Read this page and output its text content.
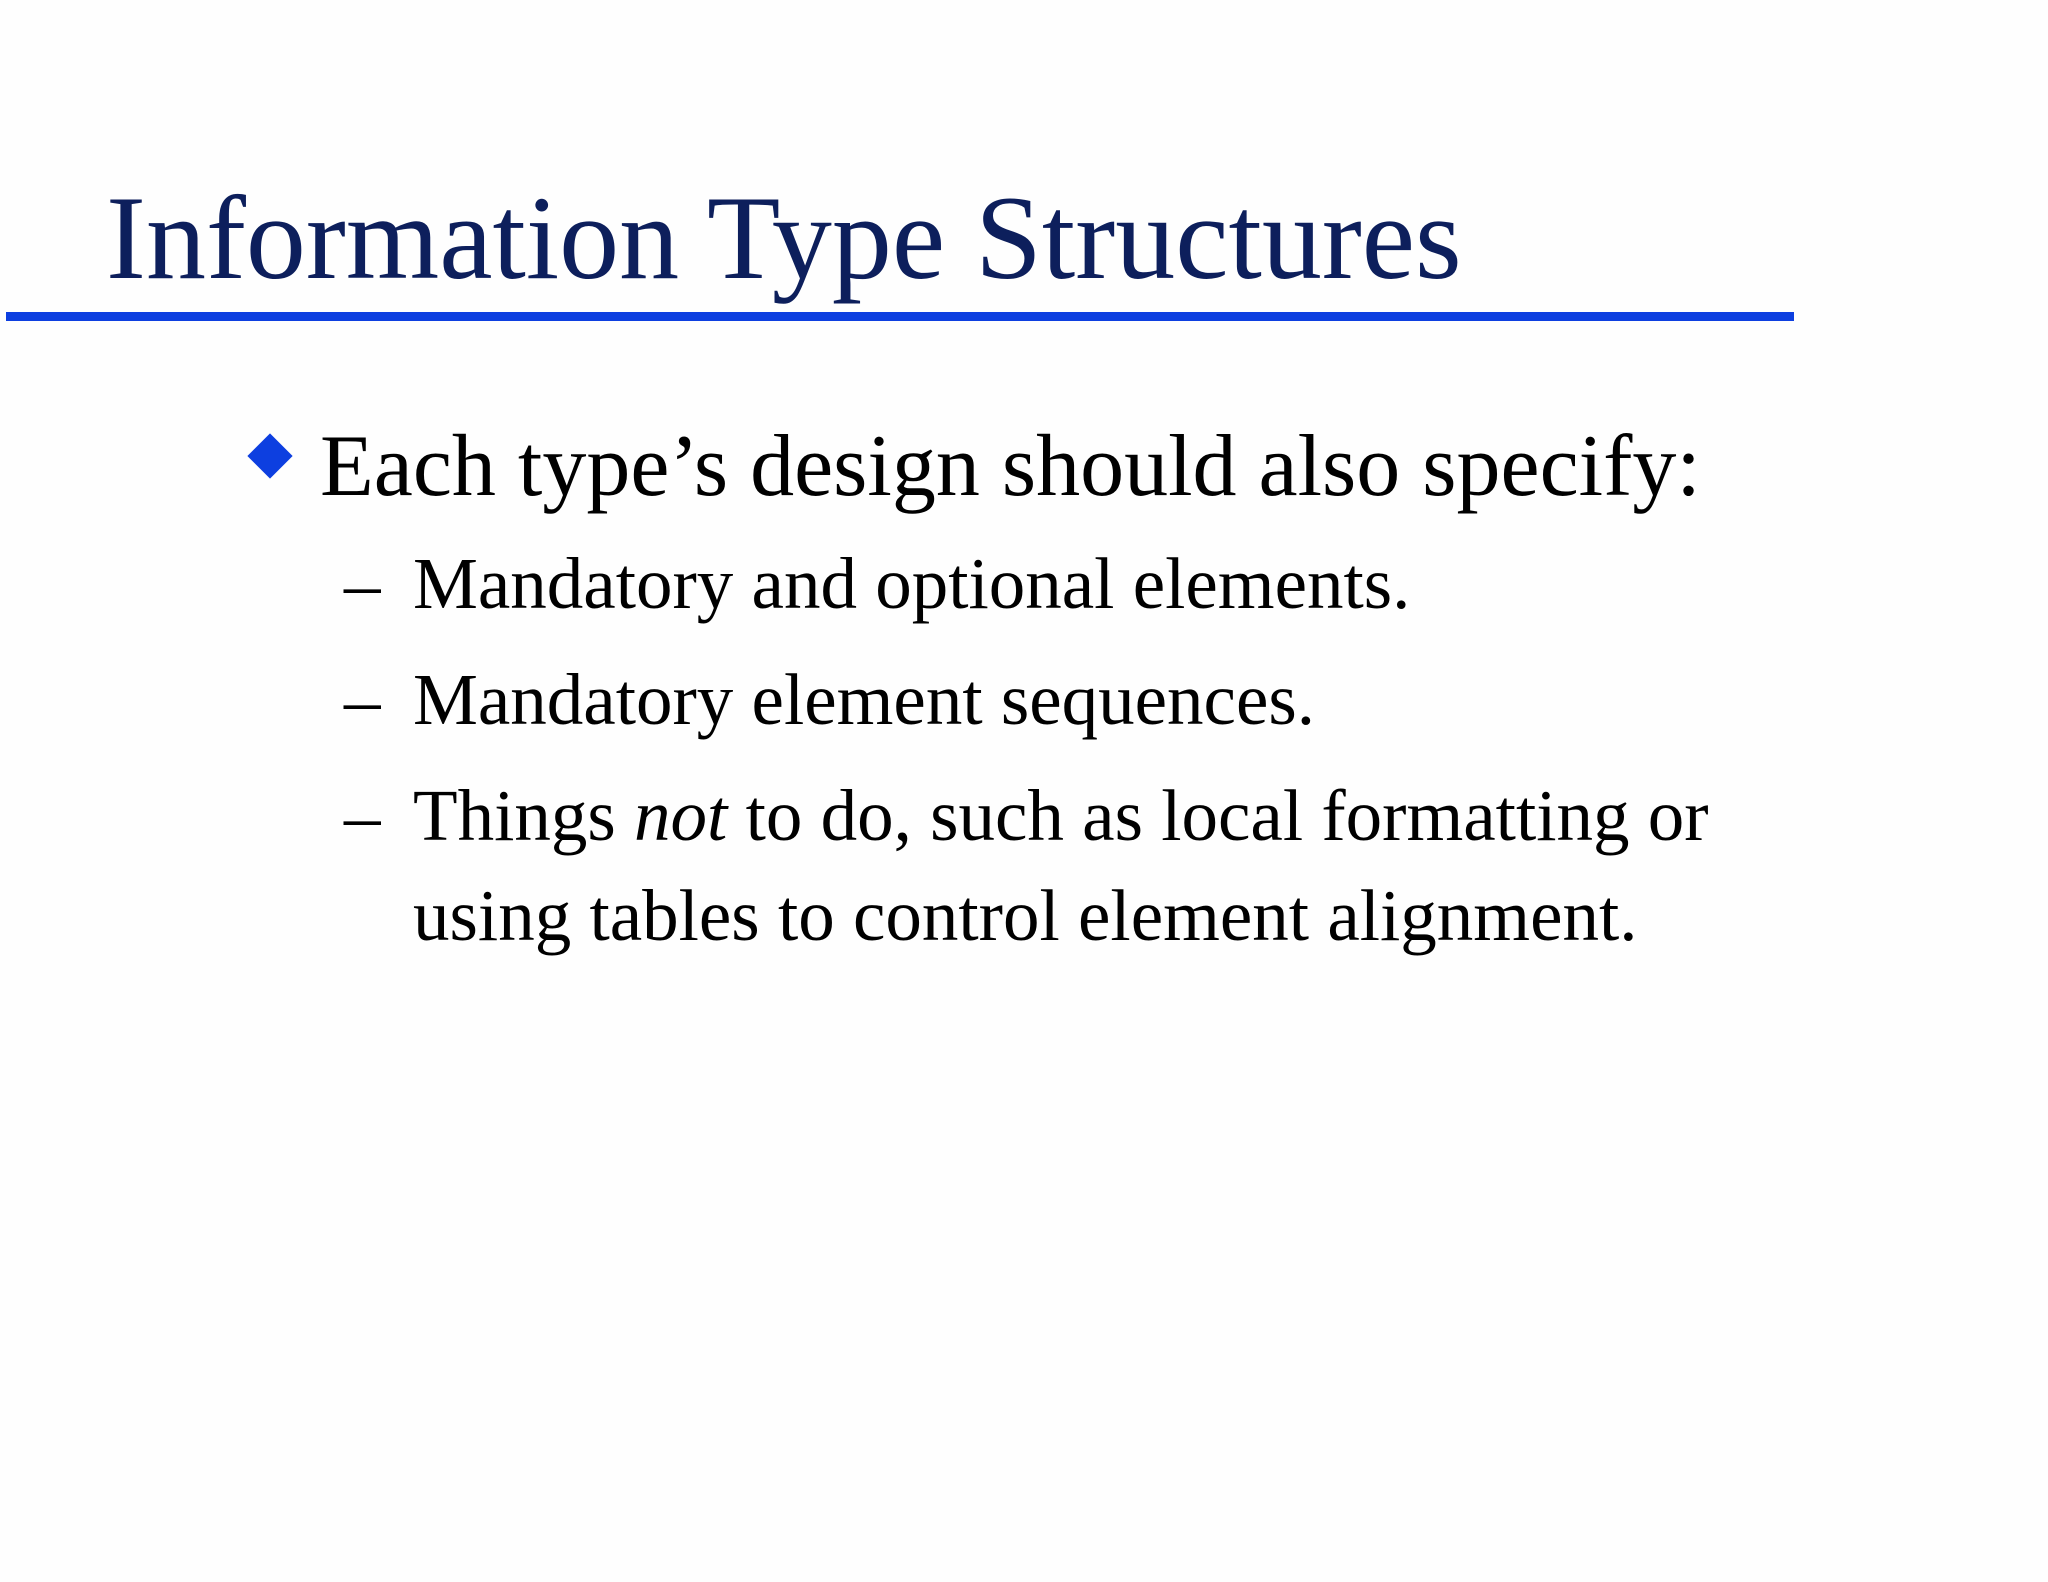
Information Type Structures
Each type’s design should also specify:
– Mandatory and optional elements.
– Mandatory element sequences.
– Things not to do, such as local formatting or
using tables to control element alignment.
